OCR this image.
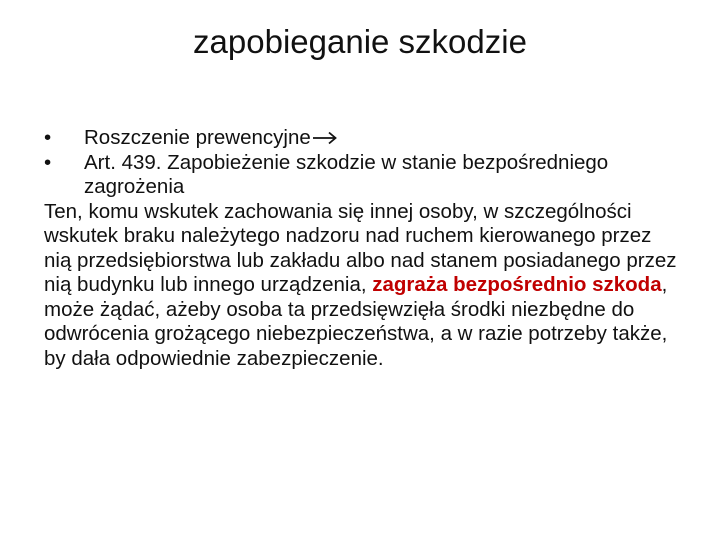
zapobieganie szkodzie

•	Roszczenie prewencyjne

•	Art. 439. Zapobieżenie szkodzie w stanie bezpośredniego zagrożenia

Ten, komu wskutek zachowania się innej osoby, w szczególności wskutek braku należytego nadzoru nad ruchem kierowanego przez nią przedsiębiorstwa lub zakładu albo nad stanem posiadanego przez nią budynku lub innego urządzenia, zagraża bezpośrednio szkoda, może żądać, ażeby osoba ta przedsięwzięła środki niezbędne do odwrócenia grożącego niebezpieczeństwa, a w razie potrzeby także, by dała odpowiednie zabezpieczenie.
